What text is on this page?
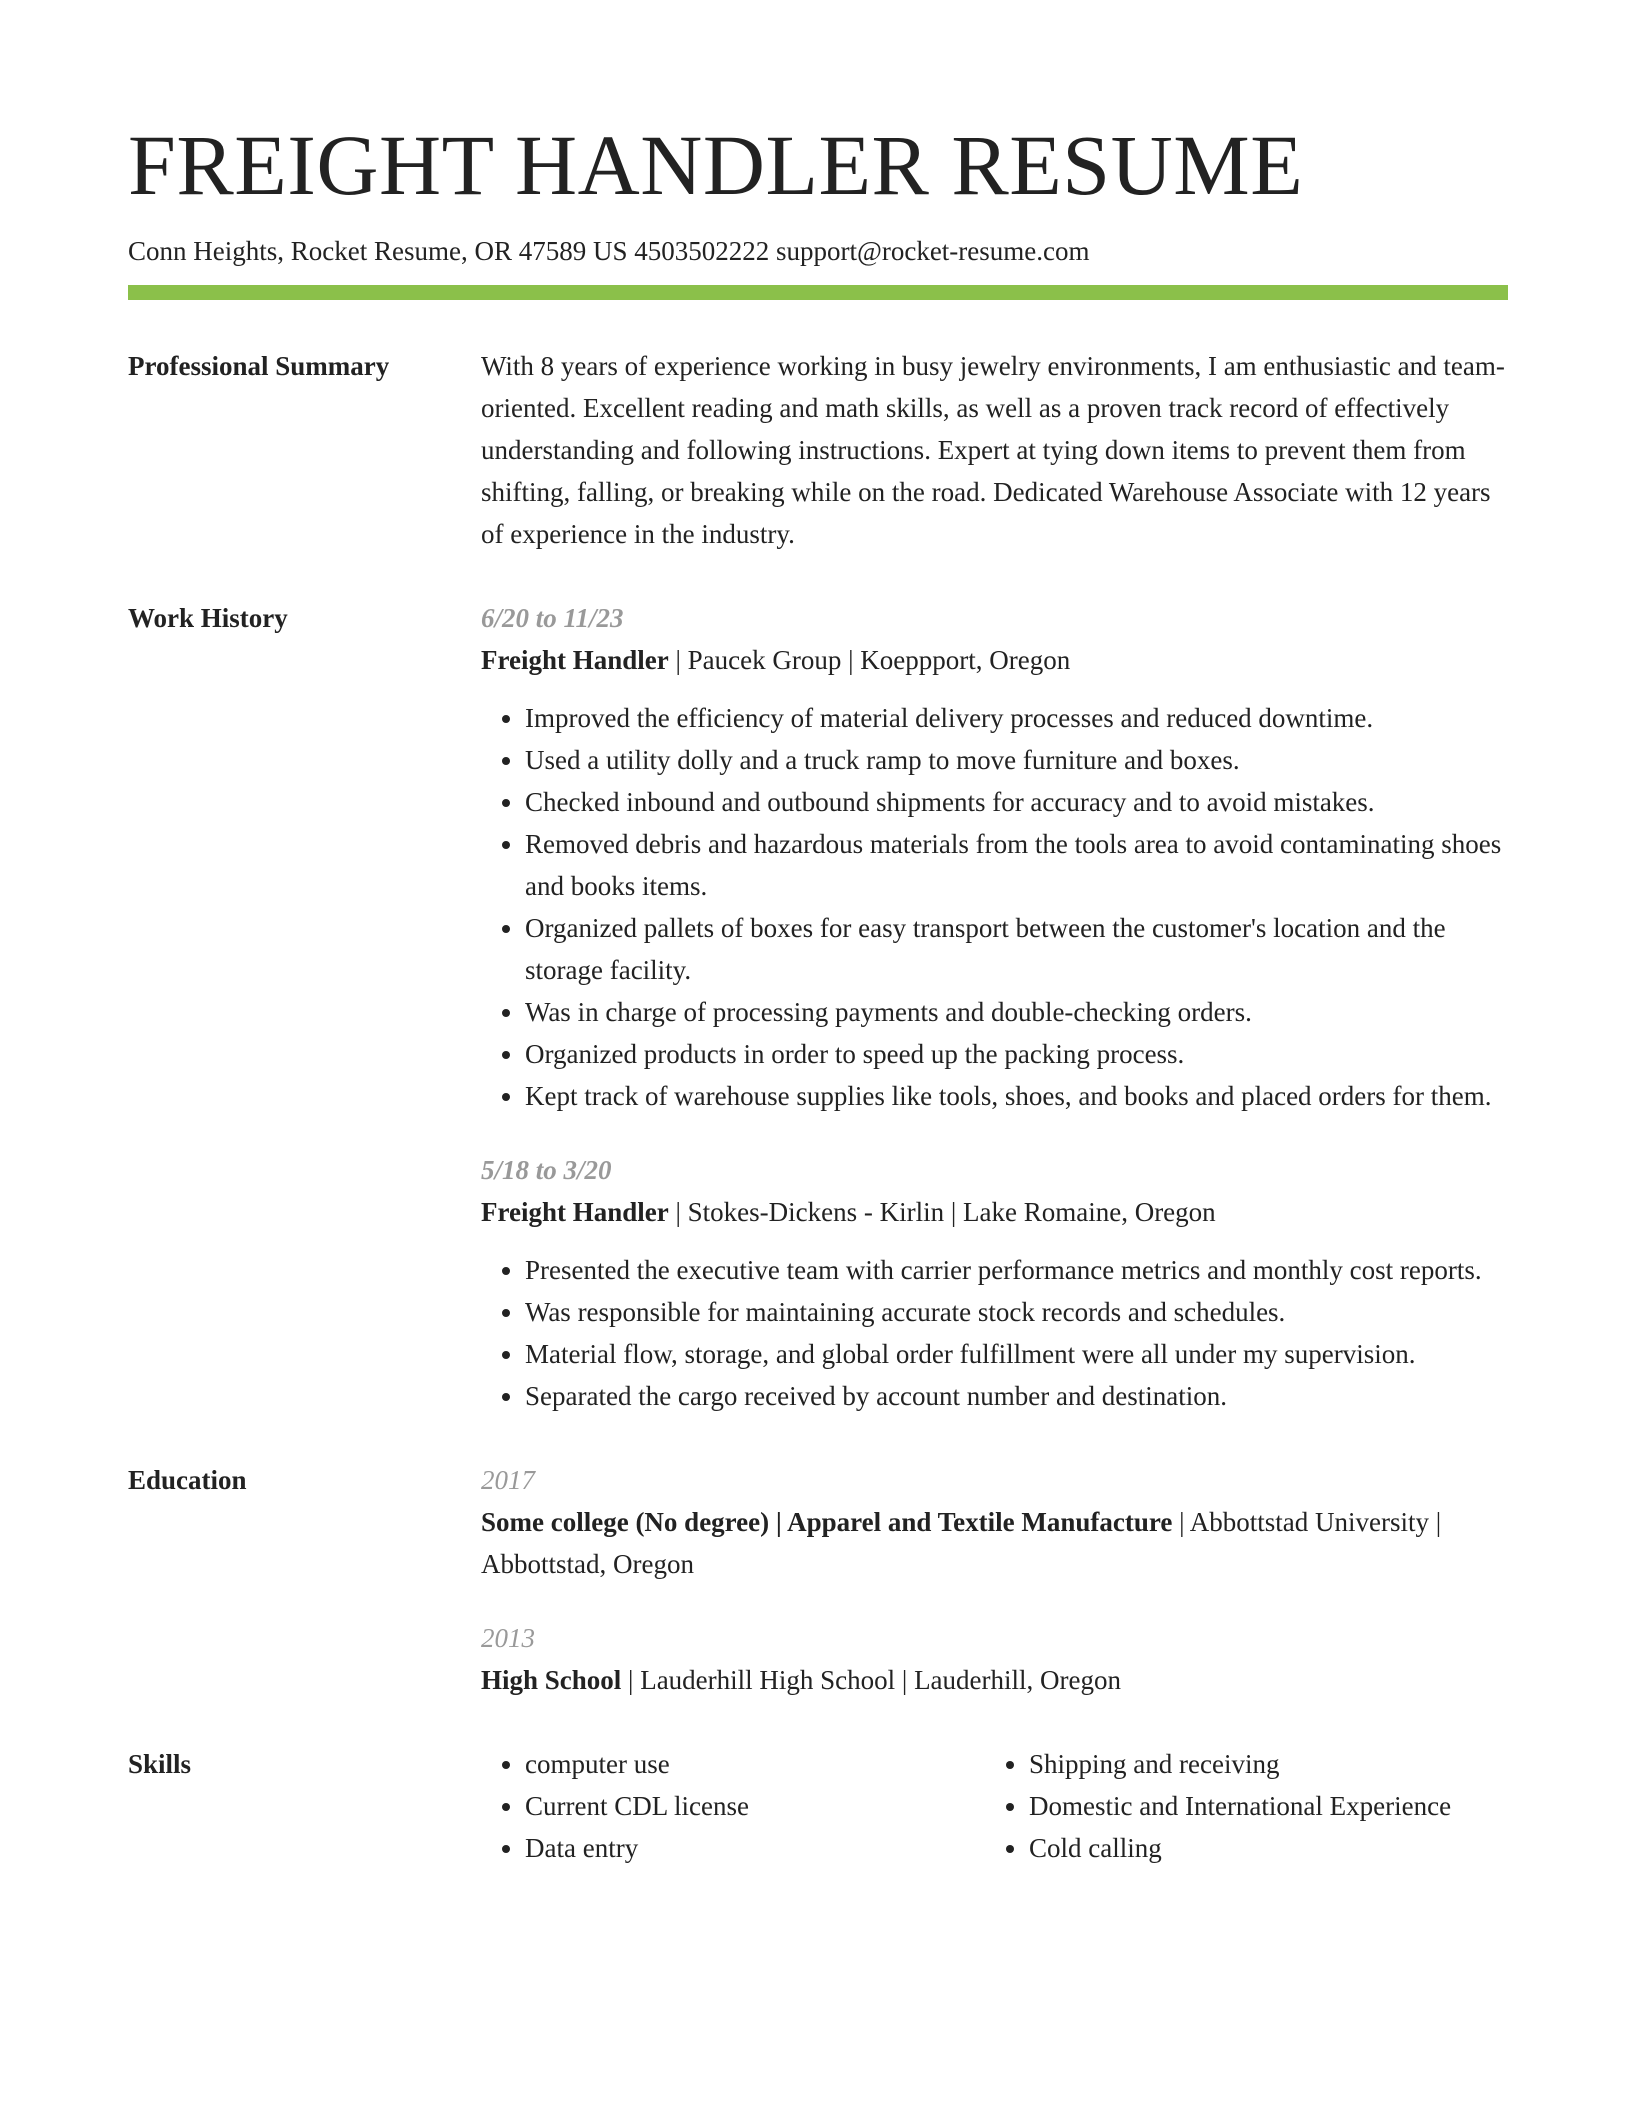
FREIGHT HANDLER RESUME
Conn Heights, Rocket Resume, OR 47589 US 4503502222 support@rocket-resume.com
Professional Summary	With 8 years of experience working in busy jewelry environments, I am enthusiastic and team-oriented. Excellent reading and math skills, as well as a proven track record of effectively understanding and following instructions. Expert at tying down items to prevent them from shifting, falling, or breaking while on the road. Dedicated Warehouse Associate with 12 years of experience in the industry.

Work History	6/20 to 11/23
Freight Handler | Paucek Group | Koeppport, Oregon
• Improved the efficiency of material delivery processes and reduced downtime.
• Used a utility dolly and a truck ramp to move furniture and boxes.
• Checked inbound and outbound shipments for accuracy and to avoid mistakes.
• Removed debris and hazardous materials from the tools area to avoid contaminating shoes and books items.
• Organized pallets of boxes for easy transport between the customer's location and the storage facility.
• Was in charge of processing payments and double-checking orders.
• Organized products in order to speed up the packing process.
• Kept track of warehouse supplies like tools, shoes, and books and placed orders for them.
5/18 to 3/20
Freight Handler | Stokes-Dickens - Kirlin | Lake Romaine, Oregon
• Presented the executive team with carrier performance metrics and monthly cost reports.
• Was responsible for maintaining accurate stock records and schedules.
• Material flow, storage, and global order fulfillment were all under my supervision.
• Separated the cargo received by account number and destination.
Education	2017
Some college (No degree) | Apparel and Textile Manufacture | Abbottstad University | Abbottstad, Oregon
2013
High School | Lauderhill High School | Lauderhill, Oregon
Skills
•	computer use
• Current CDL license
• Data entry
• Shipping and receiving
• Domestic and International Experience
• Cold calling
